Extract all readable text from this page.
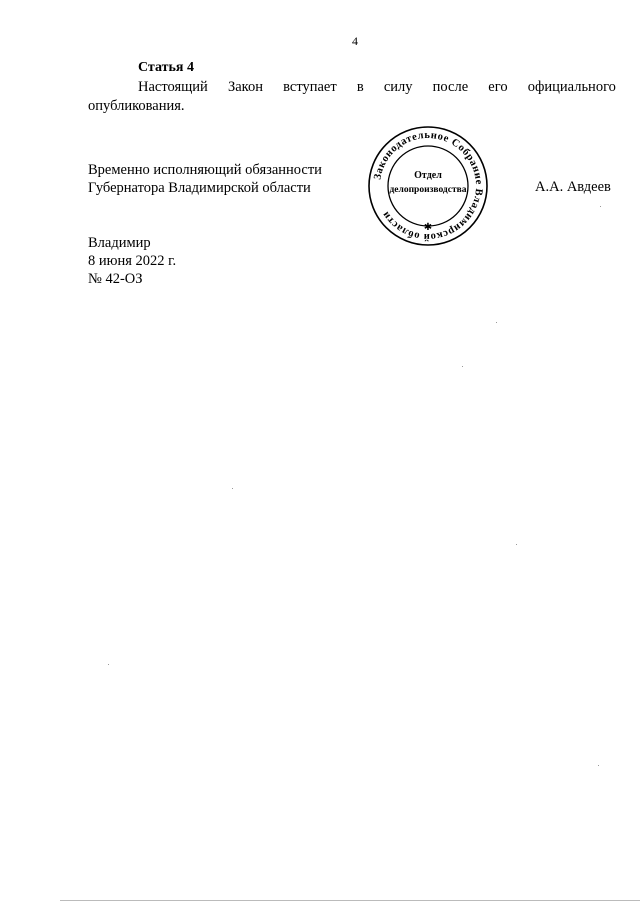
4
Статья 4
Настоящий Закон вступает в силу после его официального
опубликования.
Временно исполняющий обязанности
Губернатора Владимирской области
Законодательное Собрание Владимирской области
✱
Отдел
делопроизводства	А.А. Авдеев
Владимир
8 июня 2022 г.
№ 42-ОЗ
